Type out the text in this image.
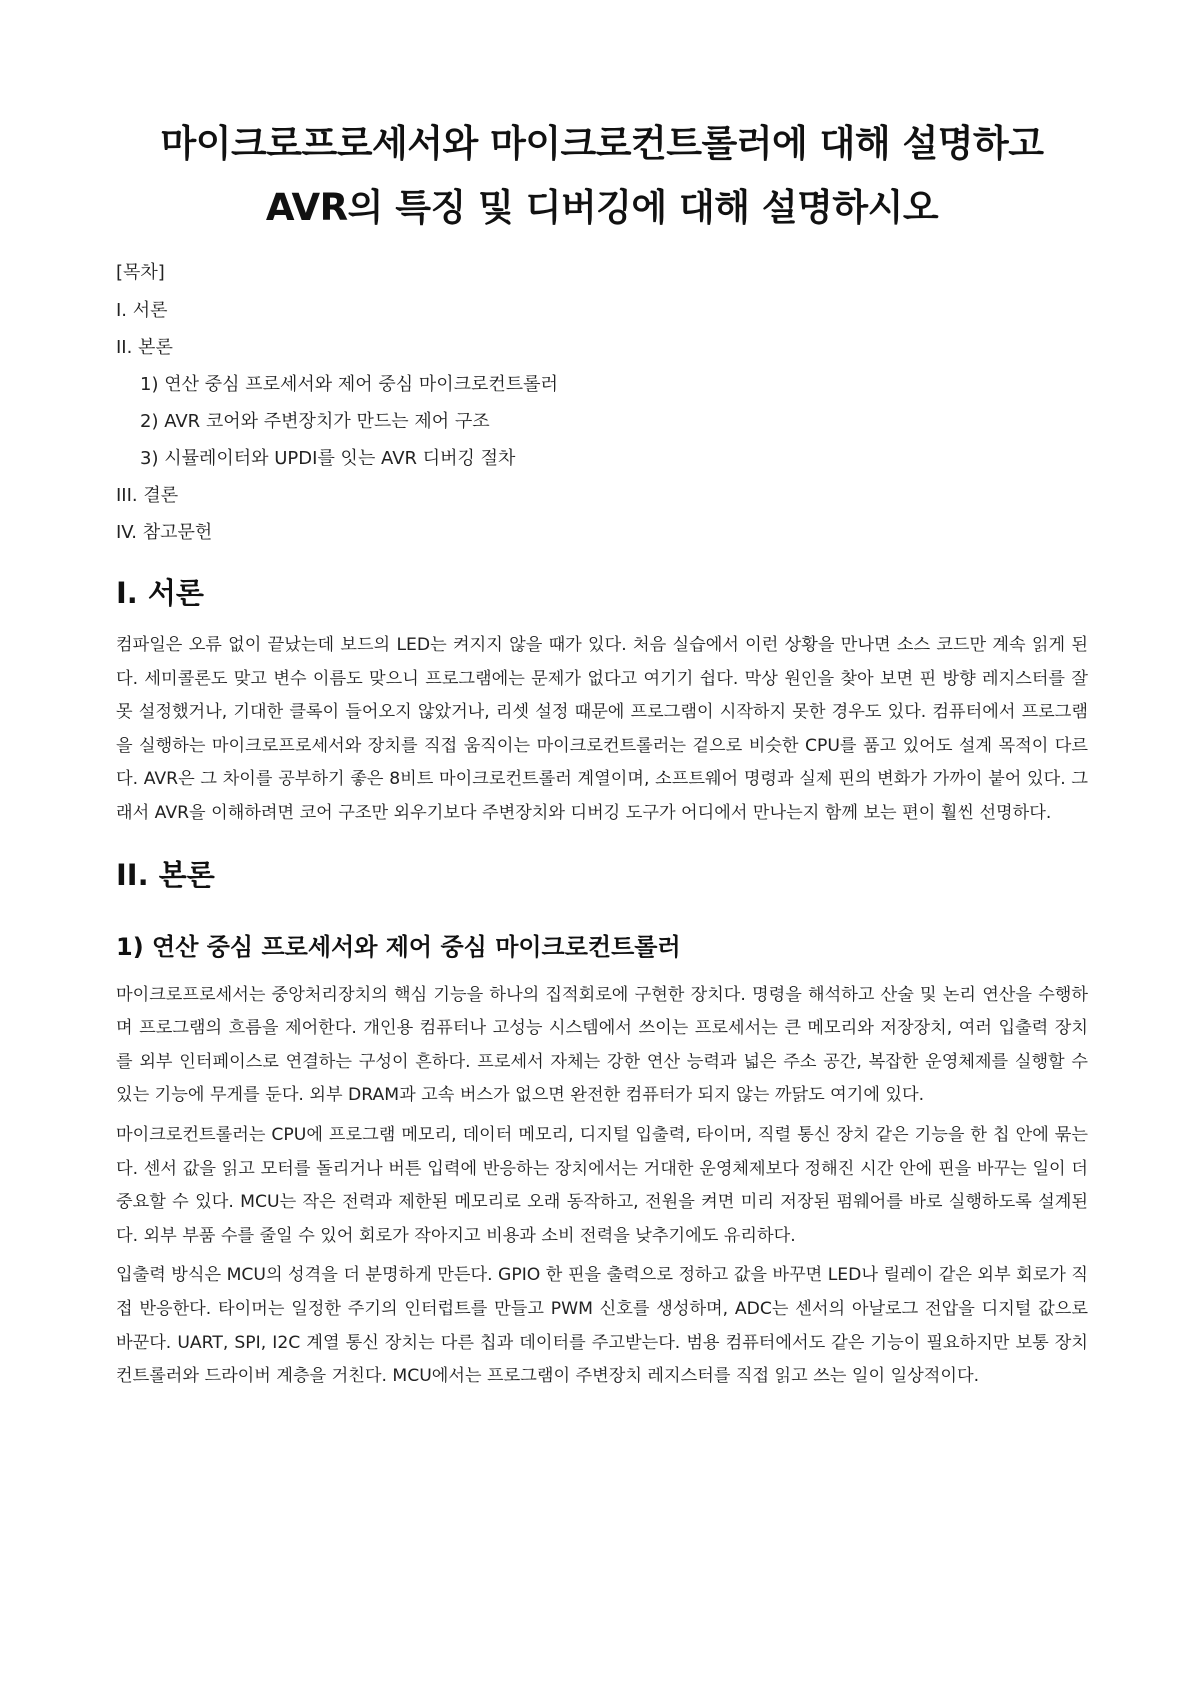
마이크로프로세서와 마이크로컨트롤러에 대해 설명하고 AVR의 특징 및 디버깅에 대해 설명하시오
[목차]
I. 서론
II. 본론
1) 연산 중심 프로세서와 제어 중심 마이크로컨트롤러
2) AVR 코어와 주변장치가 만드는 제어 구조
3) 시뮬레이터와 UPDI를 잇는 AVR 디버깅 절차
III. 결론
IV. 참고문헌
I. 서론

컴파일은 오류 없이 끝났는데 보드의 LED는 켜지지 않을 때가 있다. 처음 실습에서 이런 상황을 만나면 소스 코드만 계속 읽게 된다. 세미콜론도 맞고 변수 이름도 맞으니 프로그램에는 문제가 없다고 여기기 쉽다. 막상 원인을 찾아 보면 핀 방향 레지스터를 잘못 설정했거나, 기대한 클록이 들어오지 않았거나, 리셋 설정 때문에 프로그램이 시작하지 못한 경우도 있다. 컴퓨터에서 프로그램을 실행하는 마이크로프로세서와 장치를 직접 움직이는 마이크로컨트롤러는 겉으로 비슷한 CPU를 품고 있어도 설계 목적이 다르다. AVR은 그 차이를 공부하기 좋은 8비트 마이크로컨트롤러 계열이며, 소프트웨어 명령과 실제 핀의 변화가 가까이 붙어 있다. 그래서 AVR을 이해하려면 코어 구조만 외우기보다 주변장치와 디버깅 도구가 어디에서 만나는지 함께 보는 편이 훨씬 선명하다.

II. 본론
1) 연산 중심 프로세서와 제어 중심 마이크로컨트롤러

마이크로프로세서는 중앙처리장치의 핵심 기능을 하나의 집적회로에 구현한 장치다. 명령을 해석하고 산술 및 논리 연산을 수행하며 프로그램의 흐름을 제어한다. 개인용 컴퓨터나 고성능 시스템에서 쓰이는 프로세서는 큰 메모리와 저장장치, 여러 입출력 장치를 외부 인터페이스로 연결하는 구성이 흔하다. 프로세서 자체는 강한 연산 능력과 넓은 주소 공간, 복잡한 운영체제를 실행할 수 있는 기능에 무게를 둔다. 외부 DRAM과 고속 버스가 없으면 완전한 컴퓨터가 되지 않는 까닭도 여기에 있다.

마이크로컨트롤러는 CPU에 프로그램 메모리, 데이터 메모리, 디지털 입출력, 타이머, 직렬 통신 장치 같은 기능을 한 칩 안에 묶는다. 센서 값을 읽고 모터를 돌리거나 버튼 입력에 반응하는 장치에서는 거대한 운영체제보다 정해진 시간 안에 핀을 바꾸는 일이 더 중요할 수 있다. MCU는 작은 전력과 제한된 메모리로 오래 동작하고, 전원을 켜면 미리 저장된 펌웨어를 바로 실행하도록 설계된다. 외부 부품 수를 줄일 수 있어 회로가 작아지고 비용과 소비 전력을 낮추기에도 유리하다.

입출력 방식은 MCU의 성격을 더 분명하게 만든다. GPIO 한 핀을 출력으로 정하고 값을 바꾸면 LED나 릴레이 같은 외부 회로가 직접 반응한다. 타이머는 일정한 주기의 인터럽트를 만들고 PWM 신호를 생성하며, ADC는 센서의 아날로그 전압을 디지털 값으로 바꾼다. UART, SPI, I2C 계열 통신 장치는 다른 칩과 데이터를 주고받는다. 범용 컴퓨터에서도 같은 기능이 필요하지만 보통 장치 컨트롤러와 드라이버 계층을 거친다. MCU에서는 프로그램이 주변장치 레지스터를 직접 읽고 쓰는 일이 일상적이다.
